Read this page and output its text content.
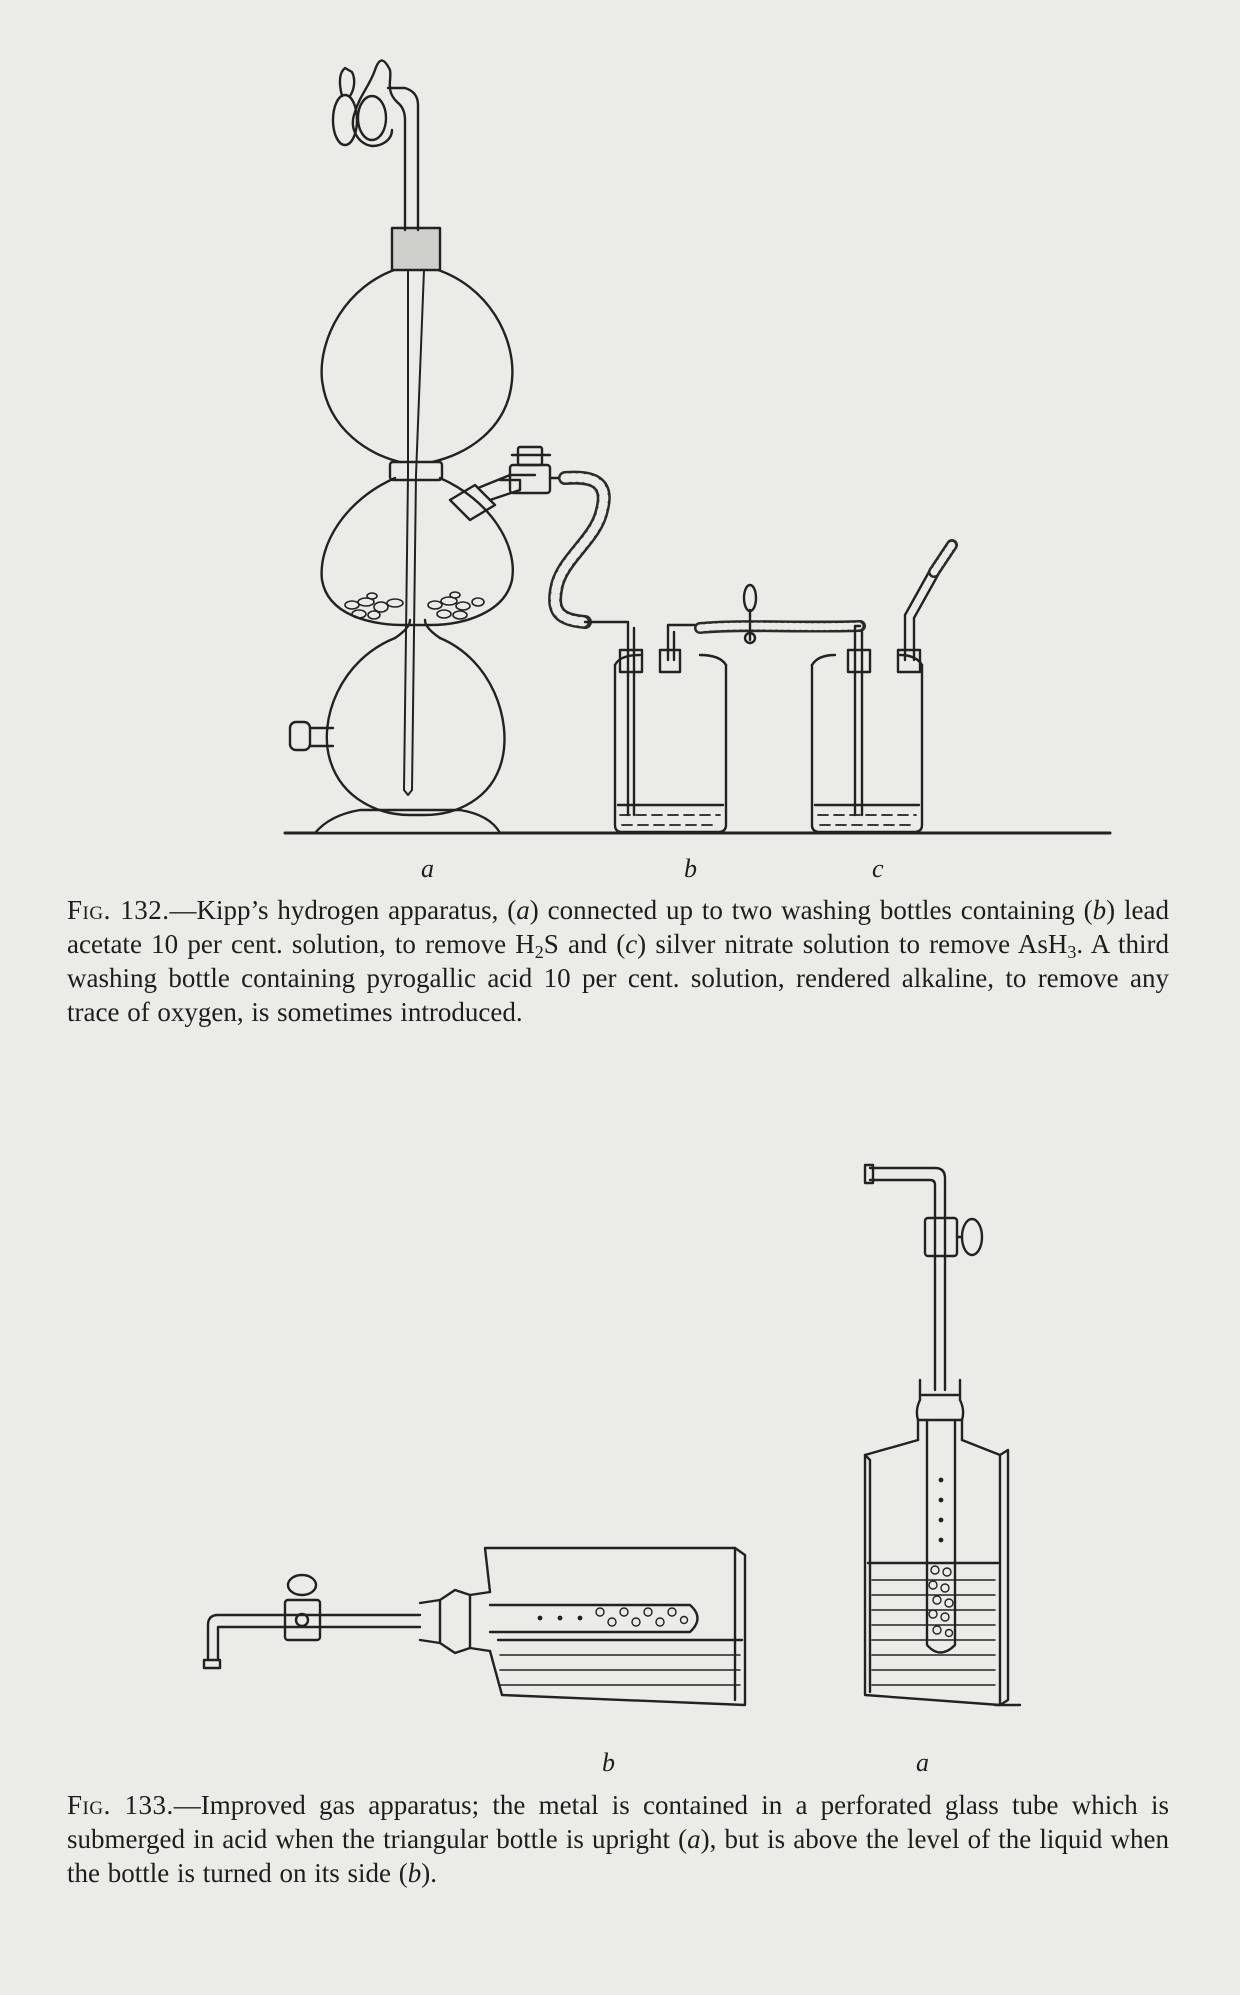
a	b	c

Fig. 132.—Kipp’s hydrogen apparatus, (a) connected up to two washing bottles containing (b) lead acetate 10 per cent. solution, to remove $H_2S$ and (c) silver nitrate solution to remove AsH$_3$. A third washing bottle containing pyrogallic acid 10 per cent. solution, rendered alkaline, to remove any trace of oxygen, is sometimes introduced.

b	a

Fig. 133.—Improved gas apparatus; the metal is contained in a perforated glass tube which is submerged in acid when the triangular bottle is upright (a), but is above the level of the liquid when the bottle is turned on its side (b).
